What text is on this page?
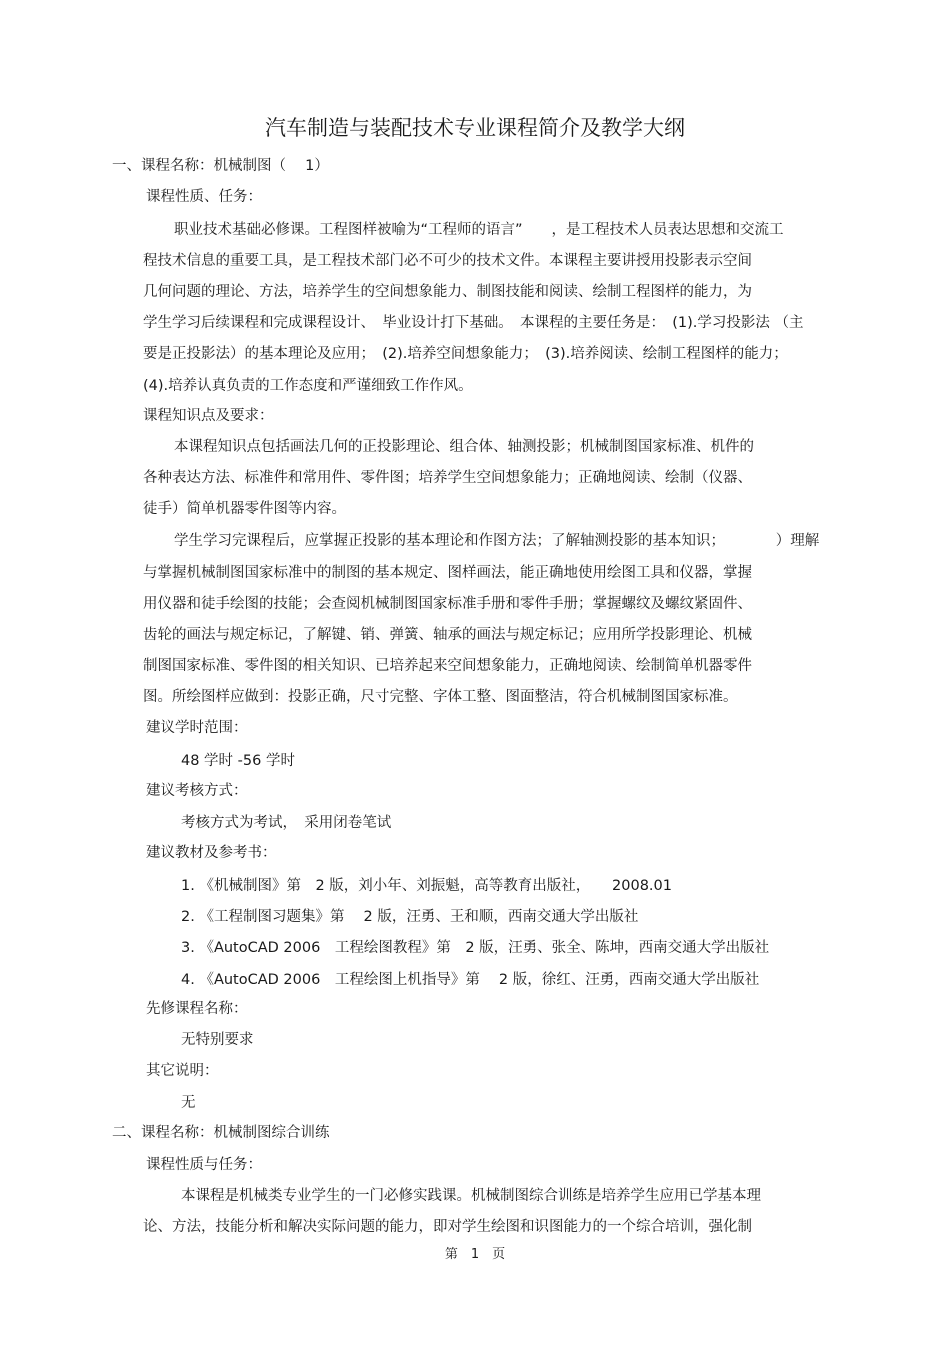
汽车制造与装配技术专业课程简介及教学大纲
一、课程名称：机械制图（　 1）
课程性质、任务：
职业技术基础必修课。工程图样被喻为“工程师的语言”　　，是工程技术人员表达思想和交流工
程技术信息的重要工具，是工程技术部门必不可少的技术文件。本课程主要讲授用投影表示空间
几何问题的理论、方法，培养学生的空间想象能力、制图技能和阅读、绘制工程图样的能力，为
学生学习后续课程和完成课程设计、　毕业设计打下基础。　本课程的主要任务是：　(1).学习投影法 （主
要是正投影法）的基本理论及应用；　(2).培养空间想象能力；　(3).培养阅读、绘制工程图样的能力；
(4).培养认真负责的工作态度和严谨细致工作作风。
课程知识点及要求：
本课程知识点包括画法几何的正投影理论、组合体、轴测投影；机械制图国家标准、机件的
各种表达方法、标准件和常用件、零件图；培养学生空间想象能力；正确地阅读、绘制（仪器、
徒手）简单机器零件图等内容。
学生学习完课程后，应掌握正投影的基本理论和作图方法；了解轴测投影的基本知识；　　　　）理解
与掌握机械制图国家标准中的制图的基本规定、图样画法，能正确地使用绘图工具和仪器，掌握
用仪器和徒手绘图的技能；会查阅机械制图国家标准手册和零件手册；掌握螺纹及螺纹紧固件、
齿轮的画法与规定标记，了解键、销、弹簧、轴承的画法与规定标记；应用所学投影理论、机械
制图国家标准、零件图的相关知识、已培养起来空间想象能力，正确地阅读、绘制简单机器零件
图。所绘图样应做到：投影正确，尺寸完整、字体工整、图面整洁，符合机械制图国家标准。
建议学时范围：
48 学时 -56 学时
建议考核方式：
考核方式为考试，　采用闭卷笔试
建议教材及参考书：
1. 《机械制图》第　2 版，刘小年、刘振魁，高等教育出版社，　　2008.01
2. 《工程制图习题集》第　 2 版，汪勇、王和顺，西南交通大学出版社
3. 《AutoCAD 2006　工程绘图教程》第　2 版，汪勇、张全、陈坤，西南交通大学出版社
4. 《AutoCAD 2006　工程绘图上机指导》第　 2 版，徐红、汪勇，西南交通大学出版社
先修课程名称：
无特别要求
其它说明：
无
二、课程名称：机械制图综合训练
课程性质与任务：
本课程是机械类专业学生的一门必修实践课。机械制图综合训练是培养学生应用已学基本理
论、方法，技能分析和解决实际问题的能力，即对学生绘图和识图能力的一个综合培训，强化制
第　1　页
